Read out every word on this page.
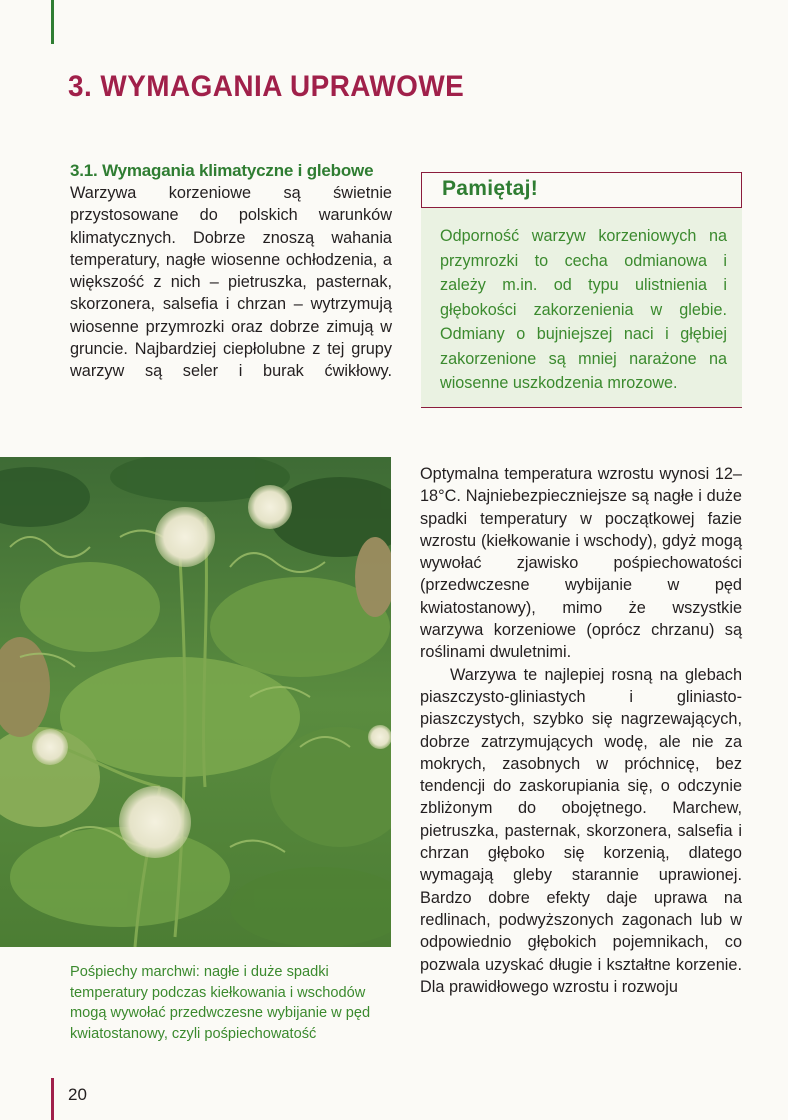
3. WYMAGANIA UPRAWOWE
3.1. Wymagania klimatyczne i glebowe

Warzywa korzeniowe są świetnie przystosowane do polskich warunków klimatycznych. Dobrze znoszą wahania temperatury, nagłe wiosenne ochłodzenia, a większość z nich – pietruszka, pasternak, skorzonera, salsefia i chrzan – wytrzymują wiosenne przymrozki oraz dobrze zimują w gruncie. Najbardziej ciepłolubne z tej grupy warzyw są seler i burak ćwikłowy.

Pamiętaj!

Odporność warzyw korzeniowych na przymrozki to cecha odmianowa i zależy m.in. od typu ulistnienia i głębokości zakorzenienia w glebie. Odmiany o bujniejszej naci i głębiej zakorzenione są mniej narażone na wiosenne uszkodzenia mrozowe.

Pośpiechy marchwi: nagłe i duże spadki temperatury podczas kiełkowania i wschodów mogą wywołać przedwczesne wybijanie w pęd kwiatostanowy, czyli pośpiechowatość

Optymalna temperatura wzrostu wynosi 12–18°C. Najniebezpieczniejsze są nagłe i duże spadki temperatury w początkowej fazie wzrostu (kiełkowanie i wschody), gdyż mogą wywołać zjawisko pośpiechowatości (przedwczesne wybijanie w pęd kwiatostanowy), mimo że wszystkie warzywa korzeniowe (oprócz chrzanu) są roślinami dwuletnimi.

Warzywa te najlepiej rosną na glebach piaszczysto-gliniastych i gliniasto-piaszczystych, szybko się nagrzewających, dobrze zatrzymujących wodę, ale nie za mokrych, zasobnych w próchnicę, bez tendencji do zaskorupiania się, o odczynie zbliżonym do obojętnego. Marchew, pietruszka, pasternak, skorzonera, salsefia i chrzan głęboko się korzenią, dlatego wymagają gleby starannie uprawionej. Bardzo dobre efekty daje uprawa na redlinach, podwyższonych zagonach lub w odpowiednio głębokich pojemnikach, co pozwala uzyskać długie i kształtne korzenie. Dla prawidłowego wzrostu i rozwoju

20
